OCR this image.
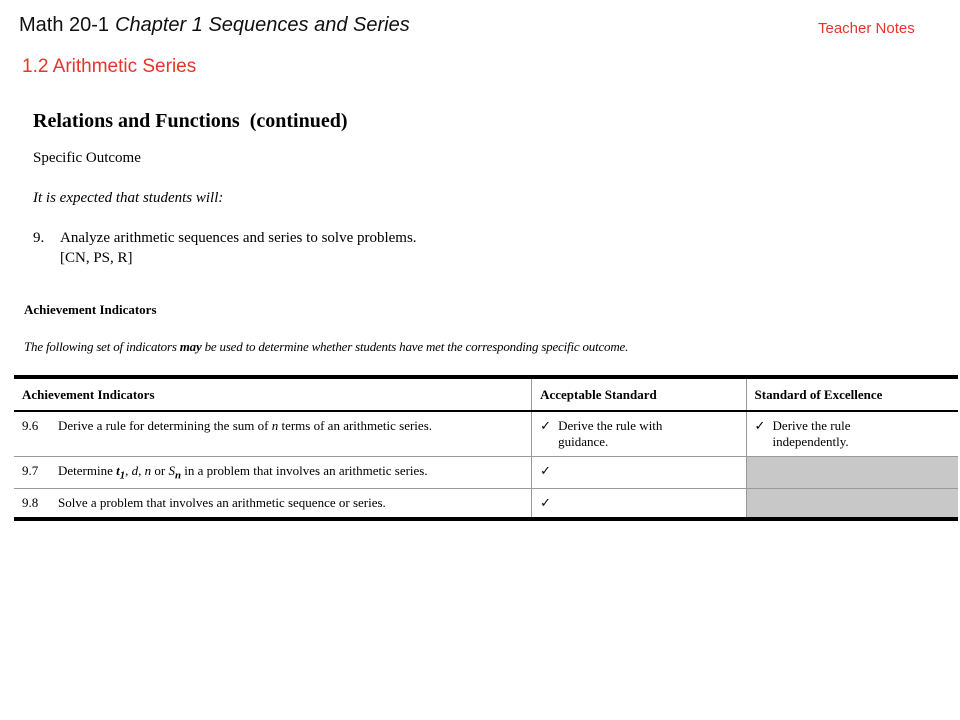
Math 20-1 Chapter 1 Sequences and Series	Teacher Notes
1.2 Arithmetic Series
Relations and Functions  (continued)
Specific Outcome
It is expected that students will:
9. Analyze arithmetic sequences and series to solve problems.
[CN, PS, R]
Achievement Indicators
The following set of indicators may be used to determine whether students have met the corresponding specific outcome.
Achievement Indicators	Acceptable Standard	Standard of Excellence
9.6 Derive a rule for determining the sum of n terms of an arithmetic series.	✓ Derive the rule with guidance.	✓ Derive the rule independently.
9.7 Determine $t_1$, d, n or $S_n$ in a problem that involves an arithmetic series.	✓	
9.8 Solve a problem that involves an arithmetic sequence or series.	✓	
